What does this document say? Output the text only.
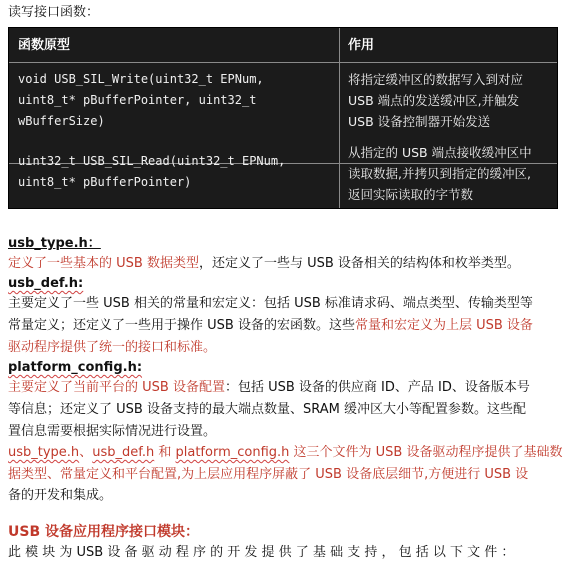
读写接口函数：
函数原型	作用
void USB_SIL_Write(uint32_t EPNum,
uint8_t* pBufferPointer, uint32_t
wBufferSize)
将指定缓冲区的数据写入到对应
USB 端点的发送缓冲区,并触发
USB 设备控制器开始发送
uint32_t USB_SIL_Read(uint32_t EPNum,
uint8_t* pBufferPointer)
从指定的 USB 端点接收缓冲区中
读取数据,并拷贝到指定的缓冲区,
返回实际读取的字节数
usb_type.h：
定义了一些基本的 USB 数据类型，还定义了一些与 USB 设备相关的结构体和枚举类型。
usb_def.h:
主要定义了一些 USB 相关的常量和宏定义：包括 USB 标准请求码、端点类型、传输类型等
常量定义；还定义了一些用于操作 USB 设备的宏函数。这些常量和宏定义为上层 USB 设备
驱动程序提供了统一的接口和标准。
platform_config.h:
主要定义了当前平台的 USB 设备配置：包括 USB 设备的供应商 ID、产品 ID、设备版本号
等信息；还定义了 USB 设备支持的最大端点数量、SRAM 缓冲区大小等配置参数。这些配
置信息需要根据实际情况进行设置。
usb_type.h、usb_def.h 和 platform_config.h 这三个文件为 USB 设备驱动程序提供了基础数
据类型、常量定义和平台配置,为上层应用程序屏蔽了 USB 设备底层细节,方便进行 USB 设
备的开发和集成。
USB 设备应用程序接口模块：
此 模 块 为 USB 设 备 驱 动 程 序 的 开 发 提 供 了 基 础 支 持 ， 包 括 以 下 文 件 ：
